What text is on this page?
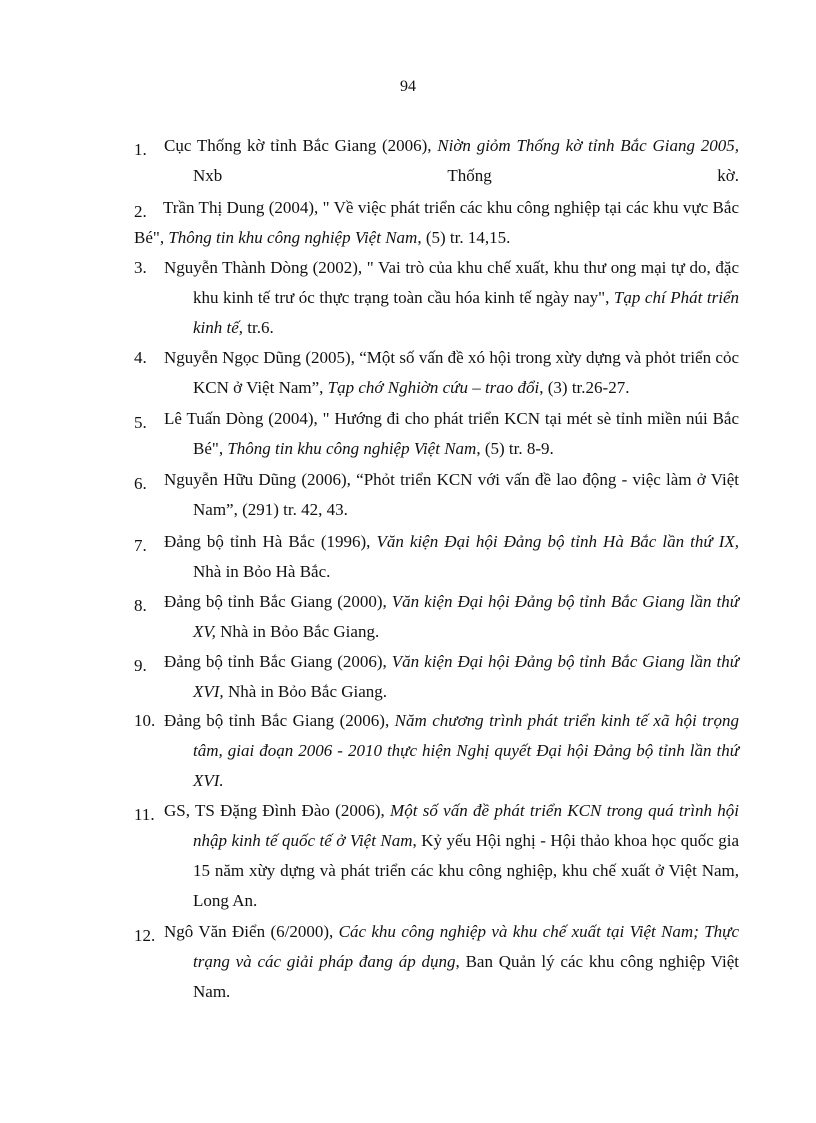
94
1.	Cục Thống kờ tỉnh Bắc Giang (2006), Niờn giỏm Thống kờ tỉnh Bắc Giang 2005, Nxb Thống kờ.
2. Trần Thị Dung (2004), " Về việc phát triển các khu công nghiệp tại các khu vực Bắc Bé", Thông tin khu công nghiệp Việt Nam, (5) tr. 14,15.
3.	Nguyễn Thành Dòng (2002), " Vai trò của khu chế xuất, khu thư ong mại tự do, đặc khu kinh tế trư óc thực trạng toàn cầu hóa kinh tế ngày nay", Tạp chí Phát triển kinh tế, tr.6.
4.	Nguyễn Ngọc Dũng (2005), “Một số vấn đề xó hội trong xừy dựng và phỏt triển cỏc KCN ở Việt Nam”, Tạp chớ Nghiờn cứu – trao đổi, (3) tr.26-27.
5.	Lê Tuấn Dòng (2004), " Hướng đi cho phát triển KCN tại mét sè tỉnh miền núi Bắc Bé", Thông tin khu công nghiệp Việt Nam, (5) tr. 8-9.
6.	Nguyễn Hữu Dũng (2006), “Phỏt triển KCN với vấn đề lao động - việc làm ở Việt Nam”, (291) tr. 42, 43.
7.	Đảng bộ tỉnh Hà Bắc (1996), Văn kiện Đại hội Đảng bộ tỉnh Hà Bắc lần thứ IX, Nhà in Bỏo Hà Bắc.
8.	Đảng bộ tỉnh Bắc Giang (2000), Văn kiện Đại hội Đảng bộ tỉnh Bắc Giang lần thứ XV, Nhà in Bỏo Bắc Giang.
9.	Đảng bộ tỉnh Bắc Giang (2006), Văn kiện Đại hội Đảng bộ tỉnh Bắc Giang lần thứ XVI, Nhà in Bỏo Bắc Giang.
10. Đảng bộ tỉnh Bắc Giang (2006), Năm chương trình phát triển kinh tế xã hội trọng tâm, giai đoạn 2006 - 2010 thực hiện Nghị quyết Đại hội Đảng bộ tỉnh lần thứ XVI.
11. GS, TS Đặng Đình Đào (2006), Một số vấn đề phát triển KCN trong quá trình hội nhập kinh tế quốc tế ở Việt Nam, Kỷ yếu Hội nghị - Hội thảo khoa học quốc gia 15 năm xừy dựng và phát triển các khu công nghiệp, khu chế xuất ở Việt Nam, Long An.
12. Ngô Văn Điển (6/2000), Các khu công nghiệp và khu chế xuất tại Việt Nam; Thực trạng và các giải pháp đang áp dụng, Ban Quản lý các khu công nghiệp Việt Nam.
